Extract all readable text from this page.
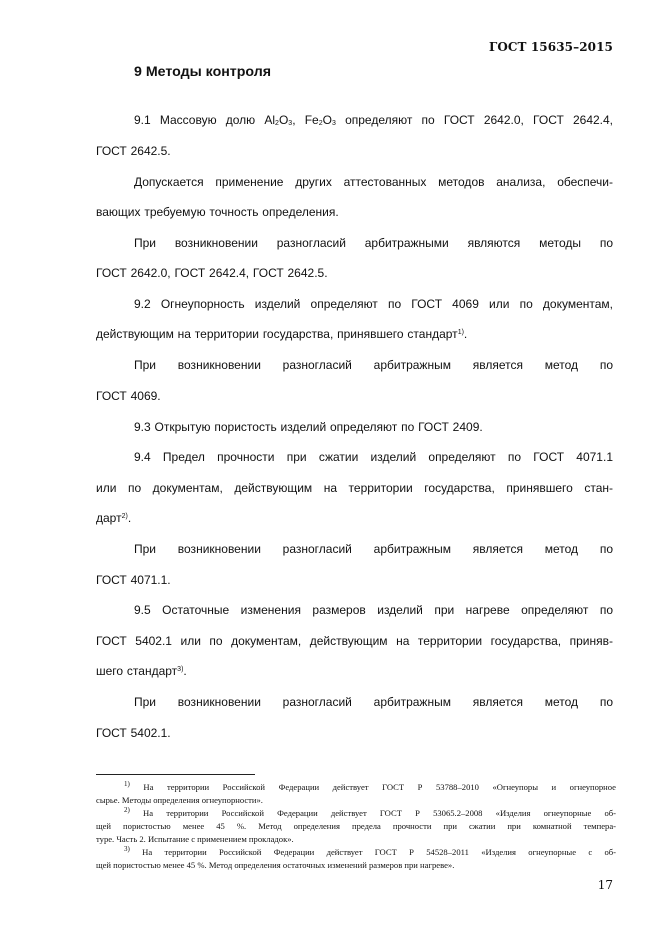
ГОСТ 15635–2015
9 Методы контроля
9.1 Массовую долю $Al_2O_3$, $Fe_2O_3$ определяют по ГОСТ 2642.0, ГОСТ 2642.4,
ГОСТ 2642.5.
Допускается применение других аттестованных методов анализа, обеспечи-
вающих требуемую точность определения.
При возникновении разногласий арбитражными являются методы по
ГОСТ 2642.0, ГОСТ 2642.4, ГОСТ 2642.5.
9.2 Огнеупорность изделий определяют по ГОСТ 4069 или по документам,
действующим на территории государства, принявшего стандарт$^{1)}$.
При возникновении разногласий арбитражным является метод по
ГОСТ 4069.
9.3 Открытую пористость изделий определяют по ГОСТ 2409.
9.4 Предел прочности при сжатии изделий определяют по ГОСТ 4071.1
или по документам, действующим на территории государства, принявшего стан-
дарт$^{2)}$.
При возникновении разногласий арбитражным является метод по
ГОСТ 4071.1.
9.5 Остаточные изменения размеров изделий при нагреве определяют по
ГОСТ 5402.1 или по документам, действующим на территории государства, приняв-
шего стандарт$^{3)}$.
При возникновении разногласий арбитражным является метод по
ГОСТ 5402.1.
$^{1)}$ На территории Российской Федерации действует ГОСТ Р 53788–2010 «Огнеупоры и огнеупорное
сырье. Методы определения огнеупорности».
$^{2)}$ На территории Российской Федерации действует ГОСТ Р 53065.2–2008 «Изделия огнеупорные об-
щей пористостью менее 45 %. Метод определения предела прочности при сжатии при комнатной темпера-
туре. Часть 2. Испытание с применением прокладок».
$^{3)}$ На территории Российской Федерации действует ГОСТ Р 54528–2011 «Изделия огнеупорные с об-
щей пористостью менее 45 %. Метод определения остаточных изменений размеров при нагреве».
17
